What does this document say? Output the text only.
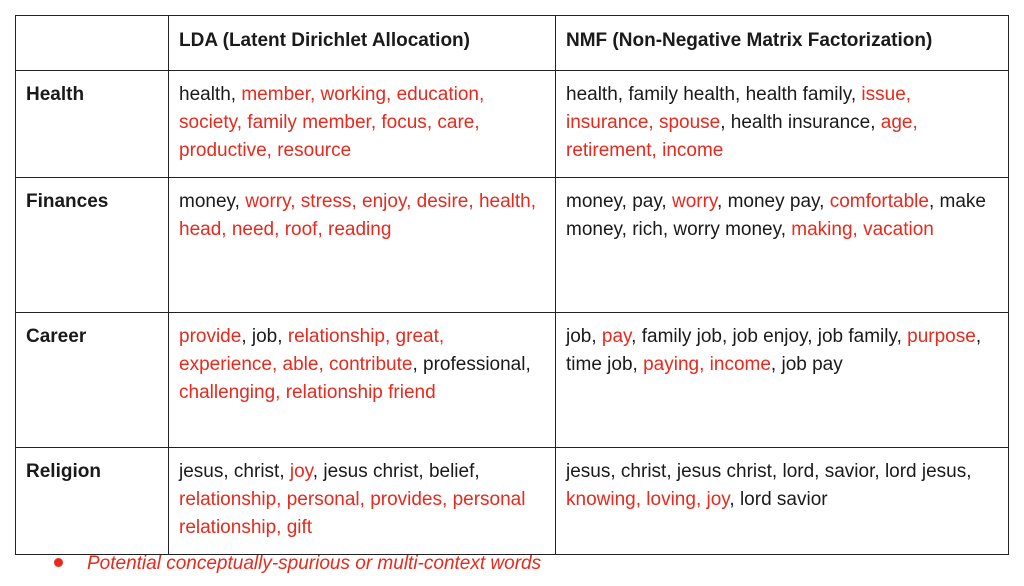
	LDA (Latent Dirichlet Allocation)	NMF (Non-Negative Matrix Factorization)
Health	health, member, working, education, society, family member, focus, care, productive, resource	health, family health, health family, issue, insurance, spouse, health insurance, age, retirement, income
Finances	money, worry, stress, enjoy, desire, health, head, need, roof, reading	money, pay, worry, money pay, comfortable, make money, rich, worry money, making, vacation
Career	provide, job, relationship, great, experience, able, contribute, professional, challenging, relationship friend	job, pay, family job, job enjoy, job family, purpose, time job, paying, income, job pay
Religion	jesus, christ, joy, jesus christ, belief, relationship, personal, provides, personal relationship, gift	jesus, christ, jesus christ, lord, savior, lord jesus, knowing, loving, joy, lord savior
Potential conceptually-spurious or multi-context words
